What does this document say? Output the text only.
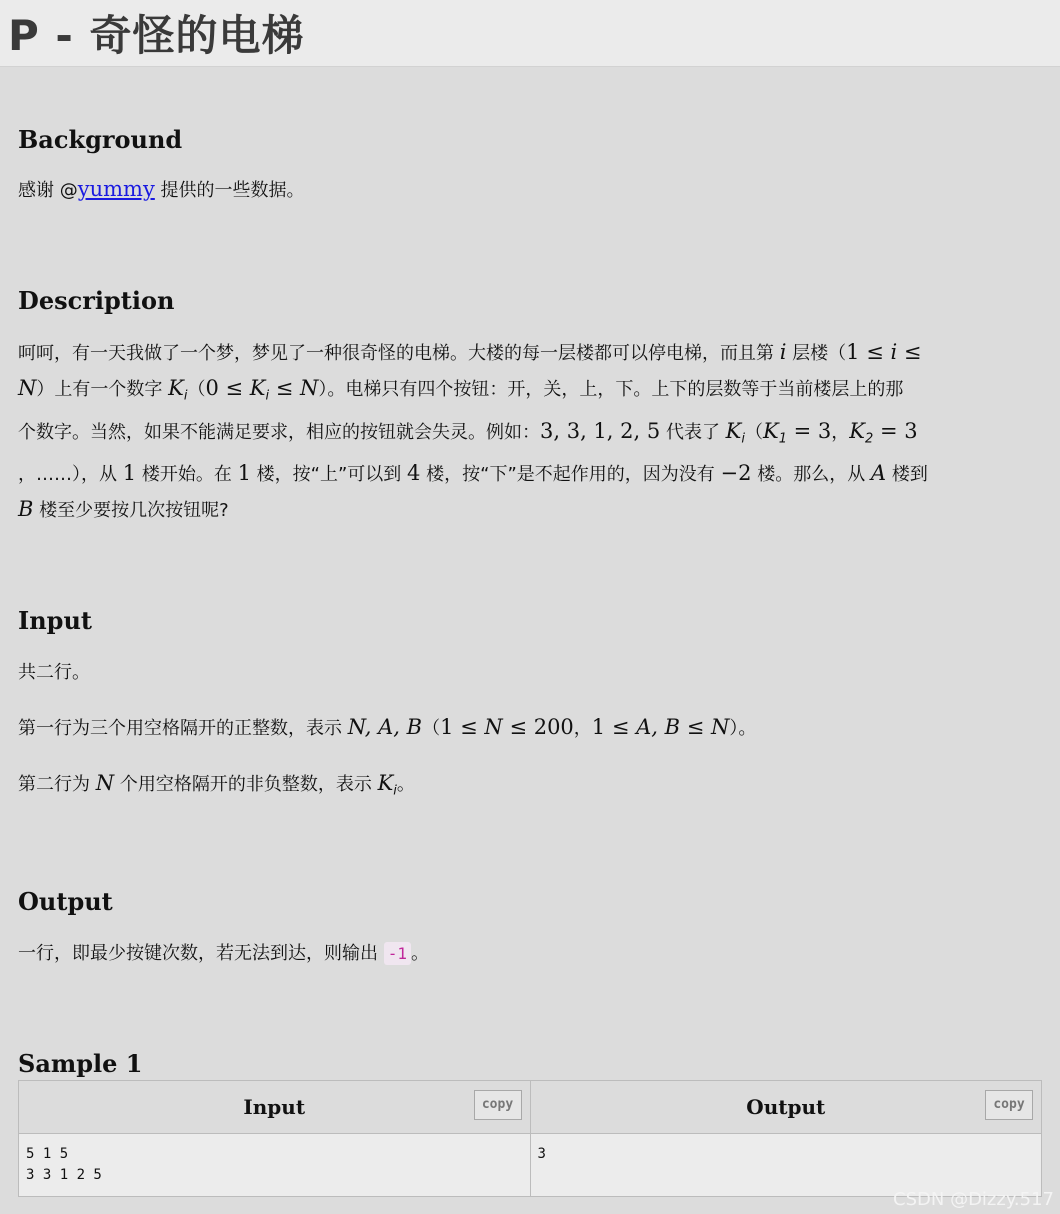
P - 奇怪的电梯
Background

感谢 @yummy 提供的一些数据。

Description

呵呵，有一天我做了一个梦，梦见了一种很奇怪的电梯。大楼的每一层楼都可以停电梯，而且第 i 层楼（1 ≤ i ≤

N）上有一个数字 $K_i(0 \le K_i \le N)$。电梯只有四个按钮：开，关，上，下。上下的层数等于当前楼层上的那

个数字。当然，如果不能满足要求，相应的按钮就会失灵。例如：3, 3, 1, 2, 5 代表了 $K_i(K_1 = 3$，$K_2 = 3$

，……），从 1 楼开始。在 1 楼，按“上”可以到 4 楼，按“下”是不起作用的，因为没有 −2 楼。那么，从 A 楼到

B 楼至少要按几次按钮呢?

Input

共二行。

第一行为三个用空格隔开的正整数，表示 N, A, B（1 ≤ N ≤ 200，1 ≤ A, B ≤ N）。

第二行为 N 个用空格隔开的非负整数，表示 $K_i$。

Output

一行，即最少按键次数，若无法到达，则输出 -1 。

Sample 1
Input copy	Output copy

5 1 5
3 3 1 2 5	3
CSDN @Dizzy.517
